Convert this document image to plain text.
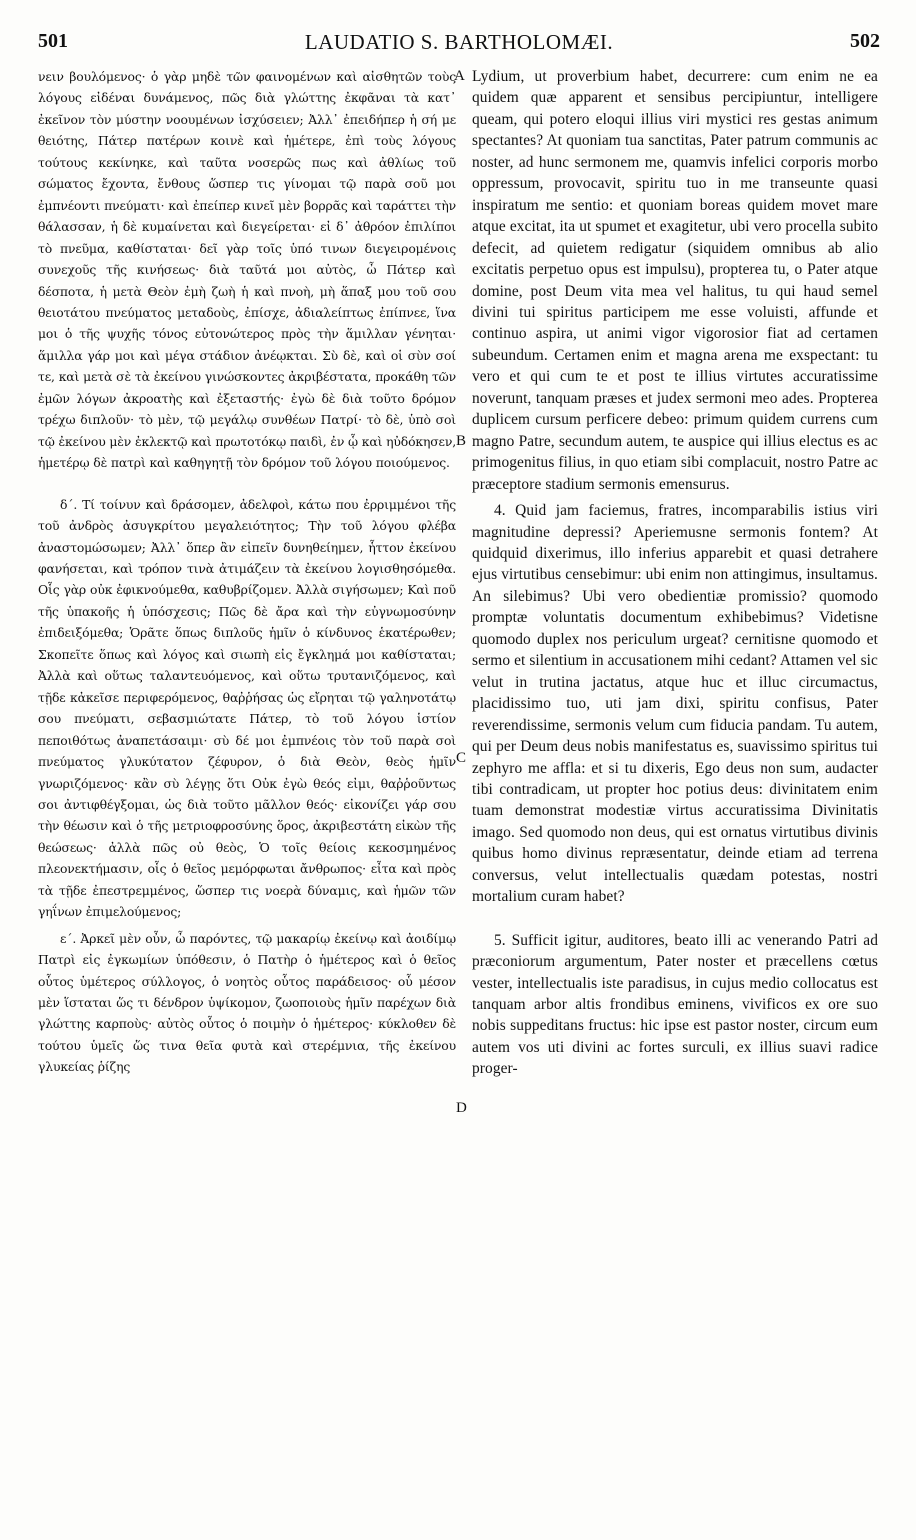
501	LAUDATIO S. BARTHOLOMÆI.	502

νειν βουλόμενος· ὁ γὰρ μηδὲ τῶν φαινομένων καὶ αἰσθητῶν τοὺς λόγους εἰδέναι δυνάμενος, πῶς διὰ γλώττης ἐκφᾶναι τὰ κατ᾽ ἐκεῖνον τὸν μύστην νοουμένων ἰσχύσειεν; Ἀλλ᾽ ἐπειδήπερ ἡ σή με θειότης, Πάτερ πατέρων κοινὲ καὶ ἡμέτερε, ἐπὶ τοὺς λόγους τούτους κεκίνηκε, καὶ ταῦτα νοσερῶς πως καὶ ἀθλίως τοῦ σώματος ἔχοντα, ἔνθους ὥσπερ τις γίνομαι τῷ παρὰ σοῦ μοι ἐμπνέοντι πνεύματι· καὶ ἐπείπερ κινεῖ μὲν βορρᾶς καὶ ταράττει τὴν θάλασσαν, ἡ δὲ κυμαίνεται καὶ διεγείρεται· εἰ δ᾽ ἀθρόον ἐπιλίποι τὸ πνεῦμα, καθίσταται· δεῖ γὰρ τοῖς ὑπό τινων διεγειρομένοις συνεχοῦς τῆς κινήσεως· διὰ ταῦτά μοι αὐτὸς, ὦ Πάτερ καὶ δέσποτα, ἡ μετὰ Θεὸν ἐμὴ ζωὴ ἡ καὶ πνοὴ, μὴ ἅπαξ μου τοῦ σου θειοτάτου πνεύματος μεταδοὺς, ἐπίσχε, ἀδιαλείπτως ἐπίπνεε, ἵνα μοι ὁ τῆς ψυχῆς τόνος εὐτονώτερος πρὸς τὴν ἅμιλλαν γένηται· ἅμιλλα γάρ μοι καὶ μέγα στάδιον ἀνέῳκται. Σὺ δὲ, καὶ οἱ σὺν σοί τε, καὶ μετὰ σὲ τὰ ἐκείνου γινώσκοντες ἀκριβέστατα, προκάθη τῶν ἐμῶν λόγων ἀκροατὴς καὶ ἐξεταστής· ἐγὼ δὲ διὰ τοῦτο δρόμον τρέχω διπλοῦν· τὸ μὲν, τῷ μεγάλῳ συνθέων Πατρί· τὸ δὲ, ὑπὸ σοὶ τῷ ἐκείνου μὲν ἐκλεκτῷ καὶ πρωτοτόκῳ παιδὶ, ἐν ᾧ καὶ ηὐδόκησεν, ἡμετέρῳ δὲ πατρὶ καὶ καθηγητῇ τὸν δρόμον τοῦ λόγου ποιούμενος.

δ΄. Τί τοίνυν καὶ δράσομεν, ἀδελφοὶ, κάτω που ἐρριμμένοι τῆς τοῦ ἀνδρὸς ἀσυγκρίτου μεγαλειότητος; Τὴν τοῦ λόγου φλέβα ἀναστομώσωμεν; Ἀλλ᾽ ὅπερ ἂν εἰπεῖν δυνηθείημεν, ἧττον ἐκείνου φανήσεται, καὶ τρόπον τινὰ ἀτιμάζειν τὰ ἐκείνου λογισθησόμεθα. Οἷς γὰρ οὐκ ἐφικνούμεθα, καθυβρίζομεν. Ἀλλὰ σιγήσωμεν; Καὶ ποῦ τῆς ὑπακοῆς ἡ ὑπόσχεσις; Πῶς δὲ ἄρα καὶ τὴν εὐγνωμοσύνην ἐπιδειξόμεθα; Ὁρᾶτε ὅπως διπλοῦς ἡμῖν ὁ κίνδυνος ἑκατέρωθεν; Σκοπεῖτε ὅπως καὶ λόγος καὶ σιωπὴ εἰς ἔγκλημά μοι καθίσταται; Ἀλλὰ καὶ οὕτως ταλαντευόμενος, καὶ οὕτω τρυτανιζόμενος, καὶ τῇδε κἀκεῖσε περιφερόμενος, θαῤῥήσας ὡς εἴρηται τῷ γαληνοτάτῳ σου πνεύματι, σεβασμιώτατε Πάτερ, τὸ τοῦ λόγου ἱστίον πεποιθότως ἀναπετάσαιμι· σὺ δέ μοι ἐμπνέοις τὸν τοῦ παρὰ σοὶ πνεύματος γλυκύτατον ζέφυρον, ὁ διὰ Θεὸν, θεὸς ἡμῖν γνωριζόμενος· κἂν σὺ λέγῃς ὅτι Οὐκ ἐγὼ θεός εἰμι, θαῤῥοῦντως σοι ἀντιφθέγξομαι, ὡς διὰ τοῦτο μᾶλλον θεός· εἰκονίζει γάρ σου τὴν θέωσιν καὶ ὁ τῆς μετριοφροσύνης ὅρος, ἀκριβεστάτη εἰκὼν τῆς θεώσεως· ἀλλὰ πῶς οὐ θεὸς, Ὁ τοῖς θείοις κεκοσμημένος πλεονεκτήμασιν, οἷς ὁ θεῖος μεμόρφωται ἄνθρωπος· εἶτα καὶ πρὸς τὰ τῇδε ἐπεστρεμμένος, ὥσπερ τις νοερὰ δύναμις, καὶ ἡμῶν τῶν γηΐνων ἐπιμελούμενος;

ε΄. Ἀρκεῖ μὲν οὖν, ὦ παρόντες, τῷ μακαρίῳ ἐκείνῳ καὶ ἀοιδίμῳ Πατρὶ εἰς ἐγκωμίων ὑπόθεσιν, ὁ Πατὴρ ὁ ἡμέτερος καὶ ὁ θεῖος οὗτος ὑμέτερος σύλλογος, ὁ νοητὸς οὗτος παράδεισος· οὗ μέσον μὲν ἵσταται ὥς τι δένδρον ὑψίκομον, ζωοποιοὺς ἡμῖν παρέχων διὰ γλώττης καρποὺς· αὐτὸς οὗτος ὁ ποιμὴν ὁ ἡμέτερος· κύκλοθεν δὲ τούτου ὑμεῖς ὥς τινα θεῖα φυτὰ καὶ στερέμνια, τῆς ἐκείνου γλυκείας ῥίζης

Lydium, ut proverbium habet, decurrere: cum enim ne ea quidem quæ apparent et sensibus percipiuntur, intelligere queam, qui potero eloqui illius viri mystici res gestas animum spectantes? At quoniam tua sanctitas, Pater patrum communis ac noster, ad hunc sermonem me, quamvis infelici corporis morbo oppressum, provocavit, spiritu tuo in me transeunte quasi inspiratum me sentio: et quoniam boreas quidem movet mare atque excitat, ita ut spumet et exagitetur, ubi vero procella subito defecit, ad quietem redigatur (siquidem omnibus ab alio excitatis perpetuo opus est impulsu), propterea tu, o Pater atque domine, post Deum vita mea vel halitus, tu qui haud semel divini tui spiritus participem me esse voluisti, affunde et continuo aspira, ut animi vigor vigorosior fiat ad certamen subeundum. Certamen enim et magna arena me exspectant: tu vero et qui cum te et post te illius virtutes accuratissime noverunt, tanquam præses et judex sermoni meo ades. Propterea duplicem cursum perficere debeo: primum quidem currens cum magno Patre, secundum autem, te auspice qui illius electus es ac primogenitus filius, in quo etiam sibi complacuit, nostro Patre ac præceptore stadium sermonis emensurus.

4. Quid jam faciemus, fratres, incomparabilis istius viri magnitudine depressi? Aperiemusne sermonis fontem? At quidquid dixerimus, illo inferius apparebit et quasi detrahere ejus virtutibus censebimur: ubi enim non attingimus, insultamus. An silebimus? Ubi vero obedientiæ promissio? quomodo promptæ voluntatis documentum exhibebimus? Videtisne quomodo duplex nos periculum urgeat? cernitisne quomodo et sermo et silentium in accusationem mihi cedant? Attamen vel sic velut in trutina jactatus, atque huc et illuc circumactus, placidissimo tuo, uti jam dixi, spiritu confisus, Pater reverendissime, sermonis velum cum fiducia pandam. Tu autem, qui per Deum deus nobis manifestatus es, suavissimo spiritus tui zephyro me affla: et si tu dixeris, Ego deus non sum, audacter tibi contradicam, ut propter hoc potius deus: divinitatem enim tuam demonstrat modestiæ virtus accuratissima Divinitatis imago. Sed quomodo non deus, qui est ornatus virtutibus divinis quibus homo divinus repræsentatur, deinde etiam ad terrena conversus, velut intellectualis quædam potestas, nostri mortalium curam habet?

5. Sufficit igitur, auditores, beato illi ac venerando Patri ad præconiorum argumentum, Pater noster et præcellens cœtus vester, intellectualis iste paradisus, in cujus medio collocatus est tanquam arbor altis frondibus eminens, vivificos ex ore suo nobis suppeditans fructus: hic ipse est pastor noster, circum eum autem vos uti divini ac fortes surculi, ex illius suavi radice proger-

A
B
C
D
